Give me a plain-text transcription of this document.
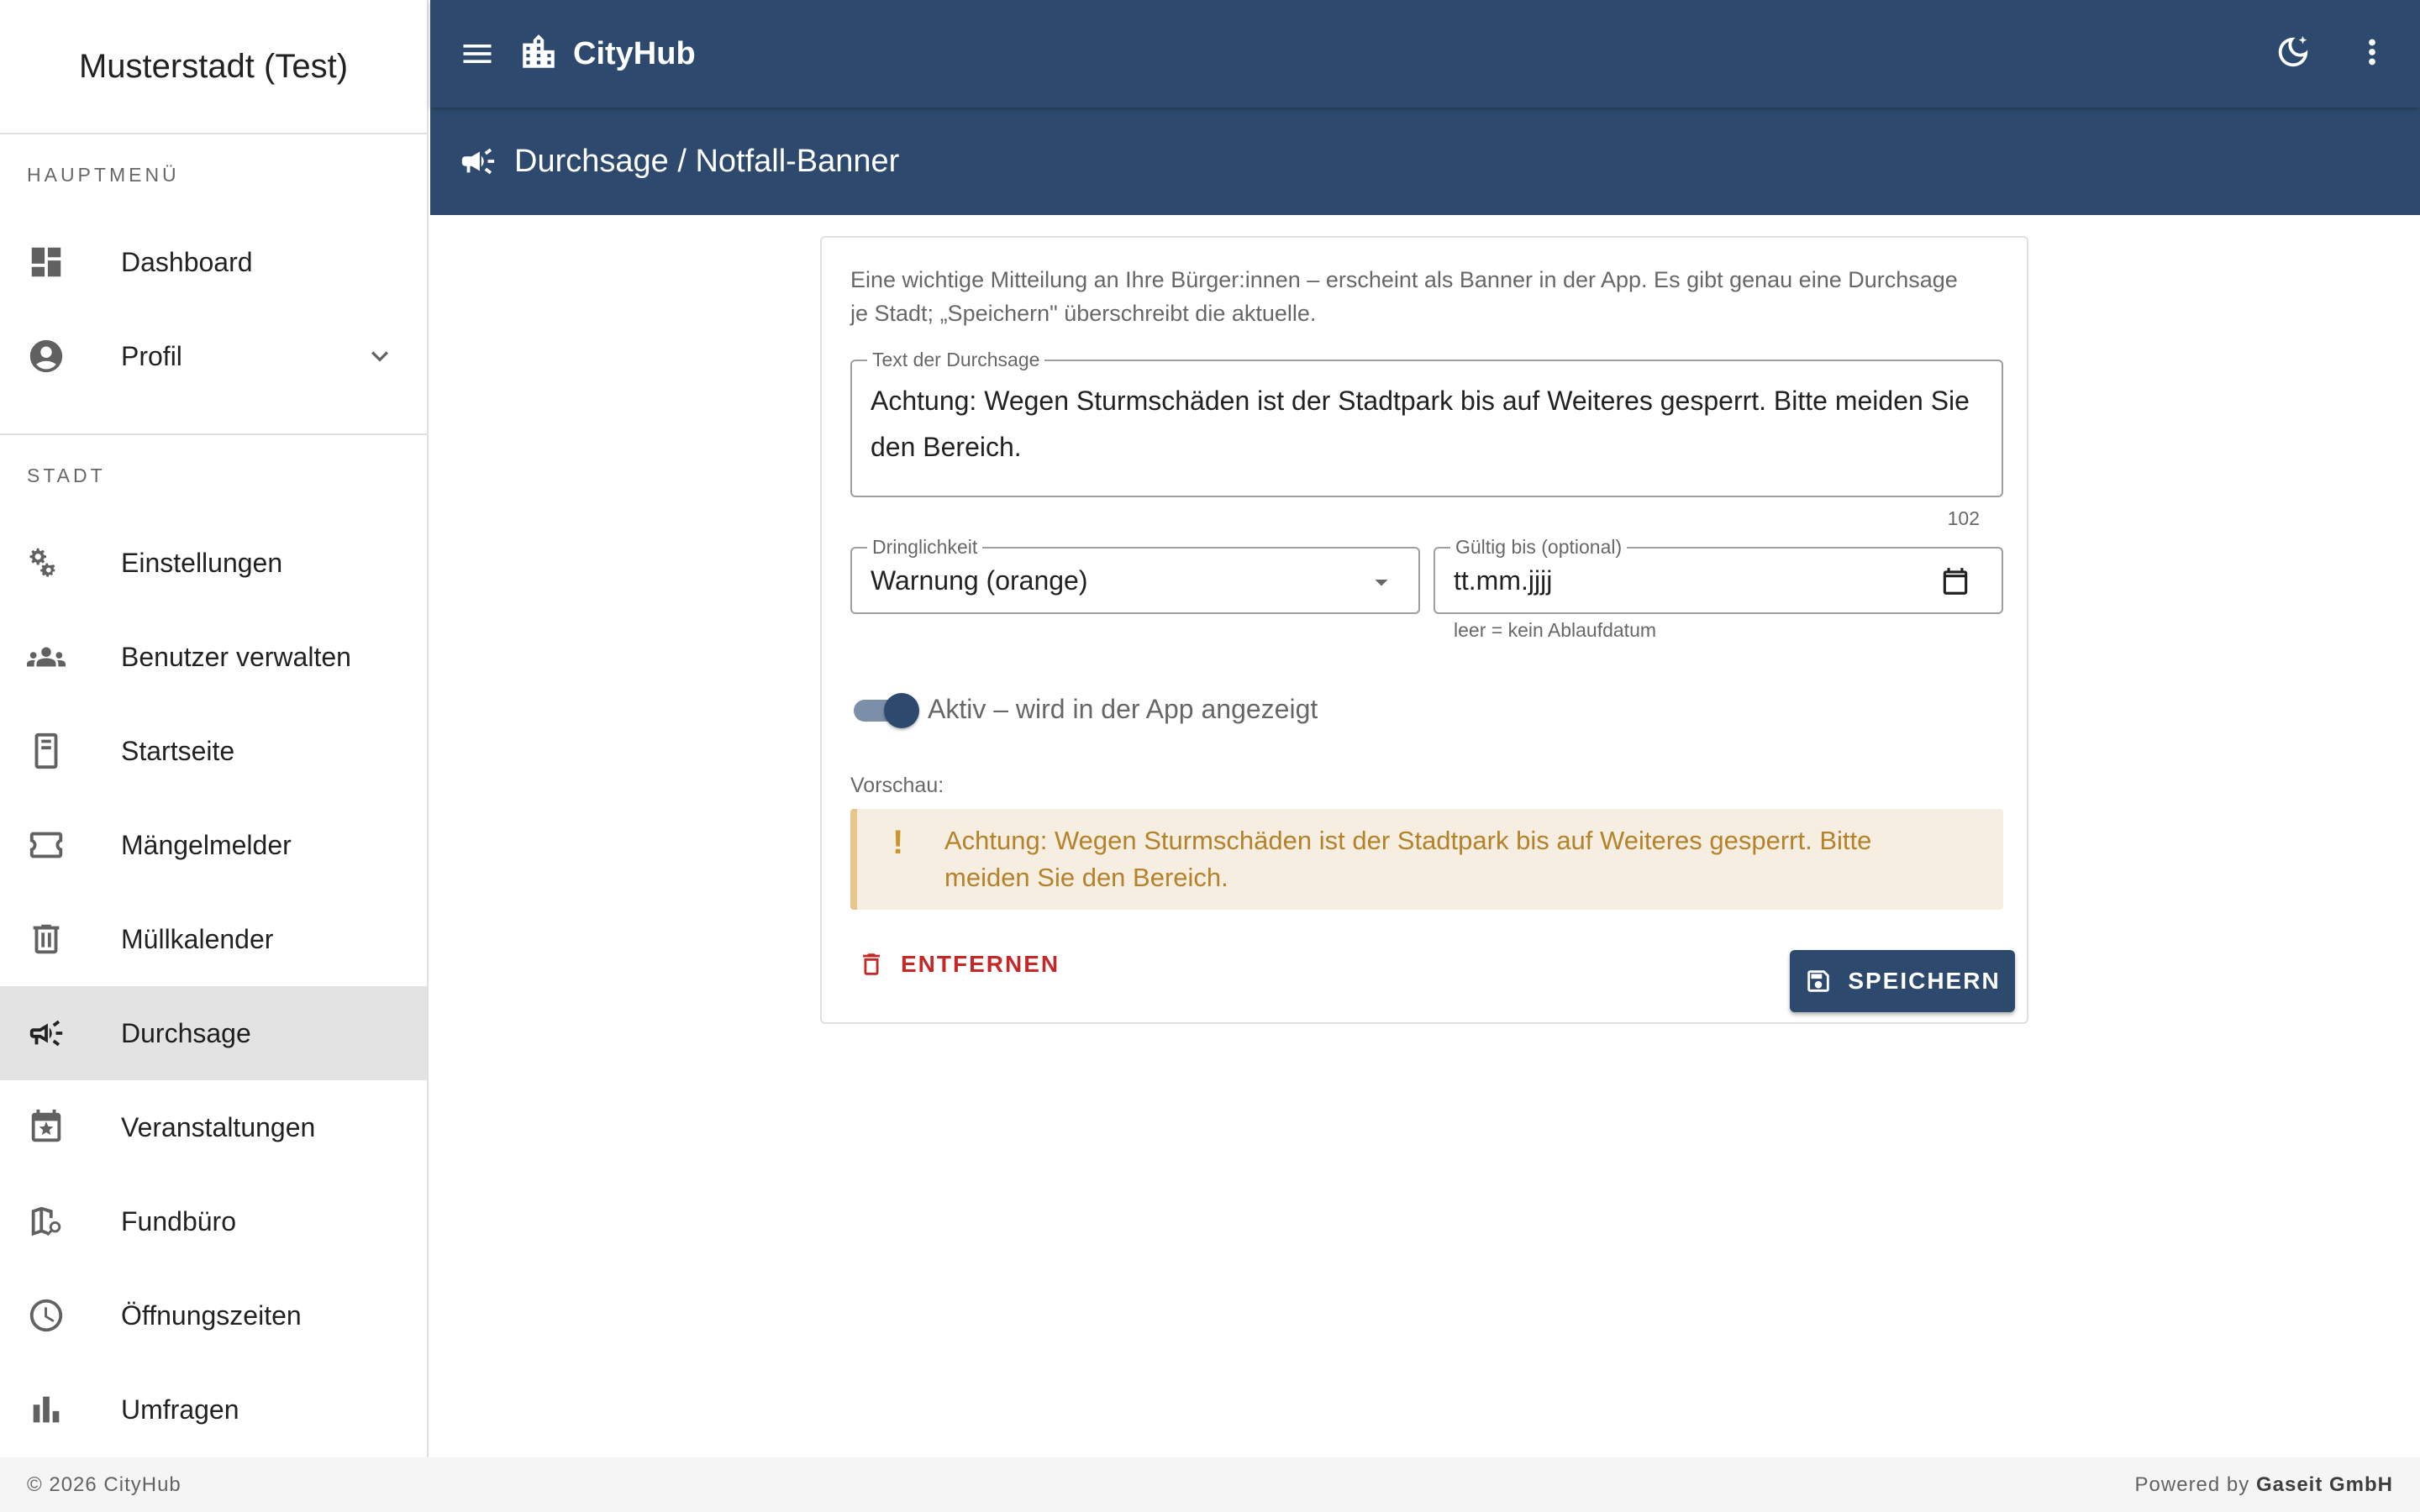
Musterstadt (Test)
HAUPTMENÜ
Dashboard
Profil
STADT
Einstellungen
Benutzer verwalten
Startseite
Mängelmelder
Müllkalender
Durchsage
Veranstaltungen
Fundbüro
Öffnungszeiten
Umfragen
CityHub
Durchsage / Notfall-Banner

Eine wichtige Mitteilung an Ihre Bürger:innen – erscheint als Banner in der App. Es gibt genau eine Durchsage je Stadt; „Speichern" überschreibt die aktuelle.

Text der Durchsage
Achtung: Wegen Sturmschäden ist der Stadtpark bis auf Weiteres gesperrt. Bitte meiden Sie den Bereich.
102
Dringlichkeit
Warnung (orange)
Gültig bis (optional)
tt.mm.jjjj
leer = kein Ablaufdatum
Aktiv – wird in der App angezeigt
Vorschau:
! Achtung: Wegen Sturmschäden ist der Stadtpark bis auf Weiteres gesperrt. Bitte meiden Sie den Bereich.
ENTFERNEN
SPEICHERN
© 2026 CityHub	Powered by Gaseit GmbH
